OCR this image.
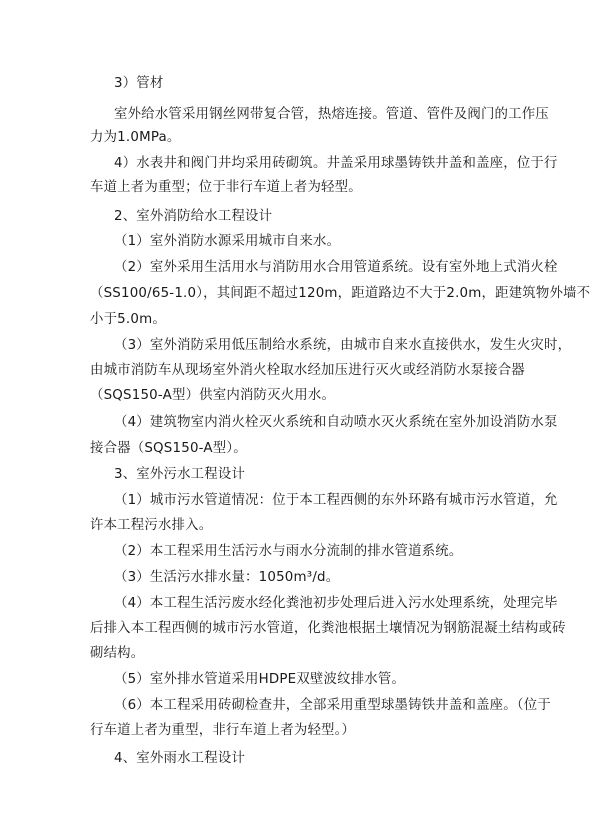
3）管材
室外给水管采用钢丝网带复合管，热熔连接。管道、管件及阀门的工作压
力为1.0MPa。
4）水表井和阀门井均采用砖砌筑。井盖采用球墨铸铁井盖和盖座，位于行
车道上者为重型；位于非行车道上者为轻型。
2、室外消防给水工程设计
（1）室外消防水源采用城市自来水。
（2）室外采用生活用水与消防用水合用管道系统。设有室外地上式消火栓
（SS100/65-1.0），其间距不超过120m，距道路边不大于2.0m，距建筑物外墙不
小于5.0m。
（3）室外消防采用低压制给水系统，由城市自来水直接供水，发生火灾时，
由城市消防车从现场室外消火栓取水经加压进行灭火或经消防水泵接合器
（SQS150-A型）供室内消防灭火用水。
（4）建筑物室内消火栓灭火系统和自动喷水灭火系统在室外加设消防水泵
接合器（SQS150-A型）。
3、室外污水工程设计
（1）城市污水管道情况：位于本工程西侧的东外环路有城市污水管道，允
许本工程污水排入。
（2）本工程采用生活污水与雨水分流制的排水管道系统。
（3）生活污水排水量：1050m³/d。
（4）本工程生活污废水经化粪池初步处理后进入污水处理系统，处理完毕
后排入本工程西侧的城市污水管道，化粪池根据土壤情况为钢筋混凝土结构或砖
砌结构。
（5）室外排水管道采用HDPE双壁波纹排水管。
（6）本工程采用砖砌检查井，全部采用重型球墨铸铁井盖和盖座。（位于
行车道上者为重型，非行车道上者为轻型。）
4、室外雨水工程设计
